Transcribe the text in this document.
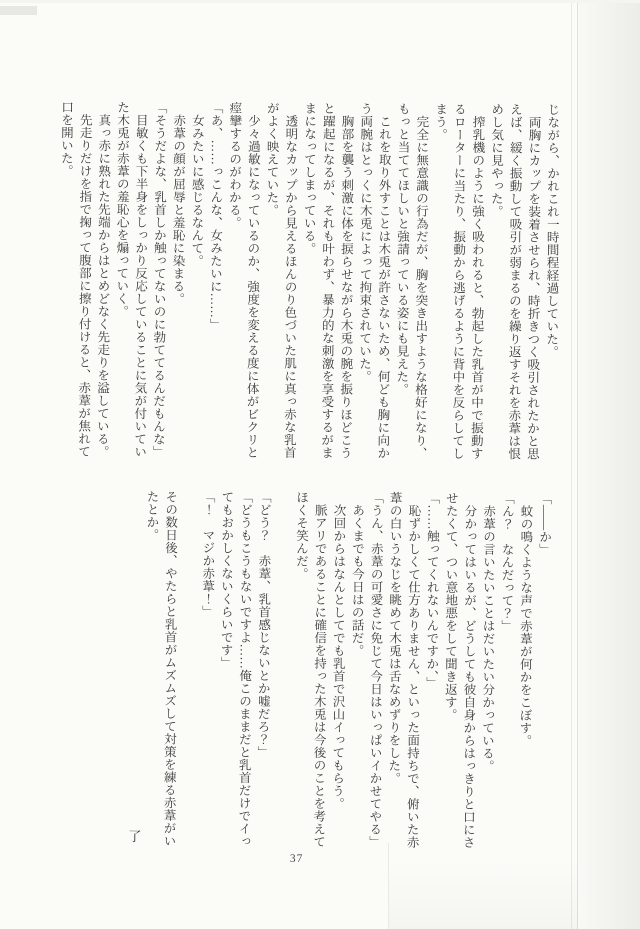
じながら、かれこれ一時間程経過していた。
　両胸にカップを装着させられ、時折きつく吸引されたかと思
えば、緩く振動して吸引が弱まるのを繰り返すそれを赤葦は恨
めし気に見やった。
　搾乳機のように強く吸われると、勃起した乳首が中で振動す
るローターに当たり、振動から逃げるように背中を反らしてし
まう。
　完全に無意識の行為だが、胸を突き出すような格好になり、
もっと当ててほしいと強請っている姿にも見えた。
　これを取り外すことは木兎が許さないため、何ども胸に向か
う両腕はとっくに木兎によって拘束されていた。
　胸部を襲う刺激に体を捩らせながら木兎の腕を振りほどこう
と躍起になるが、それも叶わず、暴力的な刺激を享受するがま
まになってしまっている。
　透明なカップから見えるほんのり色づいた肌に真っ赤な乳首
がよく映えていた。
　少々過敏になっているのか、強度を変える度に体がビクリと
痙攣するのがわかる。
「あ、……っこんな、女みたいに……」
　女みたいに感じるなんて。
　赤葦の顔が屈辱と羞恥に染まる。
「そうだよな、乳首しか触ってないのに勃ててるんだもんな」
　目敏くも下半身をしっかり反応していることに気が付いてい
た木兎が赤葦の羞恥心を煽っていく。
　真っ赤に熟れた先端からはとめどなく先走りを溢している。
　先走りだけを指で掬って腹部に擦り付けると、赤葦が焦れて
口を開いた。
「――か」
　蚊の鳴くような声で赤葦が何かをこぼす。
「ん？　なんだって？」
　赤葦の言いたいことはだいたい分かっている。
　分かってはいるが、どうしても彼自身からはっきりと口にさ
せたくて、つい意地悪をして聞き返す。
「……触ってくれないんですか、」
　恥ずかしくて仕方ありません、といった面持ちで、俯いた赤
葦の白いうなじを眺めて木兎は舌なめずりをした。
「うん、赤葦の可愛さに免じて今日はいっぱいイかせてやる」
　あくまでも今日はの話だ。
　次回からはなんとしてでも乳首で沢山イってもらう。
　脈アリであることに確信を持った木兎は今後のことを考えて
ほくそ笑んだ。

「どう？　赤葦、乳首感じないとか嘘だろ？」
「どうもこうもないですよ……俺このままだと乳首だけでイっ
てもおかしくないくらいです」
「！　マジか赤葦！」

その数日後、やたらと乳首がムズムズして対策を練る赤葦がい
たとか。
了
37
